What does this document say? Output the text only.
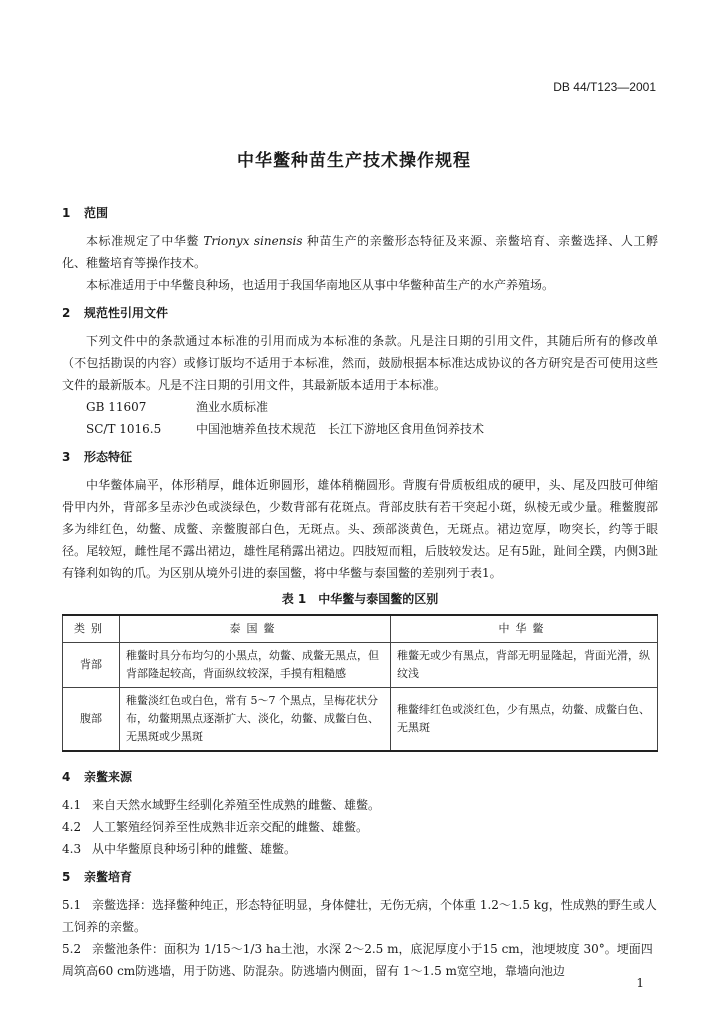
DB 44/T123—2001
中华鳖种苗生产技术操作规程
1 范围
本标准规定了中华鳖 Trionyx sinensis 种苗生产的亲鳖形态特征及来源、亲鳖培育、亲鳖选择、人工孵化、稚鳖培育等操作技术。
本标准适用于中华鳖良种场，也适用于我国华南地区从事中华鳖种苗生产的水产养殖场。
2 规范性引用文件
下列文件中的条款通过本标准的引用而成为本标准的条款。凡是注日期的引用文件，其随后所有的修改单（不包括勘误的内容）或修订版均不适用于本标准，然而，鼓励根据本标准达成协议的各方研究是否可使用这些文件的最新版本。凡是不注日期的引用文件，其最新版本适用于本标准。
GB 11607	渔业水质标准
SC/T 1016.5	中国池塘养鱼技术规范　长江下游地区食用鱼饲养技术
3 形态特征
中华鳖体扁平，体形稍厚，雌体近卵圆形，雄体稍椭圆形。背腹有骨质板组成的硬甲，头、尾及四肢可伸缩骨甲内外，背部多呈赤沙色或淡绿色，少数背部有花斑点。背部皮肤有若干突起小斑，纵棱无或少量。稚鳖腹部多为绯红色，幼鳖、成鳖、亲鳖腹部白色，无斑点。头、颈部淡黄色，无斑点。裙边宽厚，吻突长，约等于眼径。尾较短，雌性尾不露出裙边，雄性尾稍露出裙边。四肢短而粗，后肢较发达。足有5趾，趾间全蹼，内侧3趾有锋利如钩的爪。为区别从境外引进的泰国鳖，将中华鳖与泰国鳖的差别列于表1。
表 1　中华鳖与泰国鳖的区别
类别	泰国鳖	中华鳖
背部	稚鳖时具分布均匀的小黑点，幼鳖、成鳖无黑点，但背部隆起较高，背面纵纹较深，手摸有粗糙感	稚鳖无或少有黑点，背部无明显隆起，背面光滑，纵纹浅
腹部	稚鳖淡红色或白色，常有 5～7 个黑点，呈梅花状分布，幼鳖期黑点逐渐扩大、淡化，幼鳖、成鳖白色、无黑斑或少黑斑	稚鳖绯红色或淡红色，少有黑点，幼鳖、成鳖白色、无黑斑
4 亲鳖来源
4.1 来自天然水域野生经驯化养殖至性成熟的雌鳖、雄鳖。
4.2 人工繁殖经饲养至性成熟非近亲交配的雌鳖、雄鳖。
4.3 从中华鳖原良种场引种的雌鳖、雄鳖。
5 亲鳖培育
5.1 亲鳖选择：选择鳖种纯正，形态特征明显，身体健壮，无伤无病，个体重 1.2～1.5 kg，性成熟的野生或人工饲养的亲鳖。
5.2 亲鳖池条件：面积为 1/15～1/3 ha土池，水深 2～2.5 m，底泥厚度小于15 cm，池埂坡度 30°。埂面四周筑高60 cm防逃墙，用于防逃、防混杂。防逃墙内侧面，留有 1～1.5 m宽空地，靠墙向池边
1
